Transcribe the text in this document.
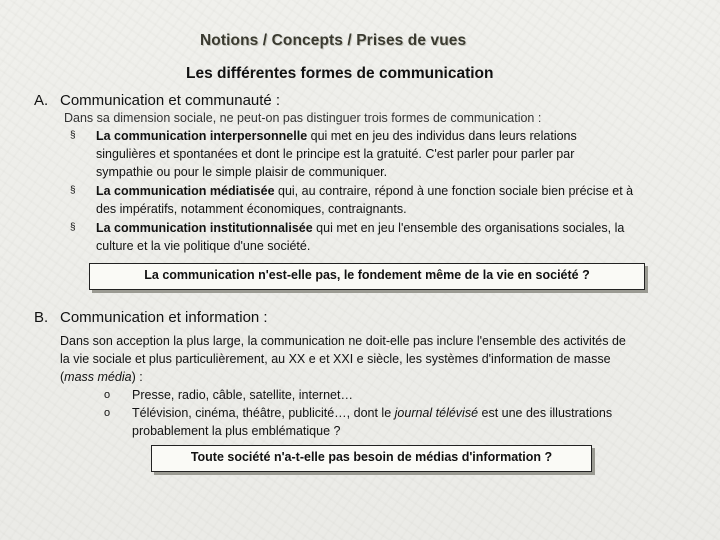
Notions / Concepts / Prises de vues
Les différentes formes de communication
A. Communication et communauté :
Dans sa dimension sociale, ne peut-on pas distinguer trois formes de communication :
§ La communication interpersonnelle qui met en jeu des individus dans leurs relations
singulières et spontanées et dont le principe est la gratuité. C'est parler pour parler par
sympathie ou pour le simple plaisir de communiquer.
§ La communication médiatisée qui, au contraire, répond à une fonction sociale bien précise et à
des impératifs, notamment économiques, contraignants.
§ La communication institutionnalisée qui met en jeu l'ensemble des organisations sociales, la
culture et la vie politique d'une société.
La communication n'est-elle pas, le fondement même de la vie en société ?
B. Communication et information :
Dans son acception la plus large, la communication ne doit-elle pas inclure l'ensemble des activités de
la vie sociale et plus particulièrement, au XX e et XXI e siècle, les systèmes d'information de masse
(mass média) :
o Presse, radio, câble, satellite, internet…
o Télévision, cinéma, théâtre, publicité…, dont le journal télévisé est une des illustrations
probablement la plus emblématique ?
Toute société n'a-t-elle pas besoin de médias d'information ?
